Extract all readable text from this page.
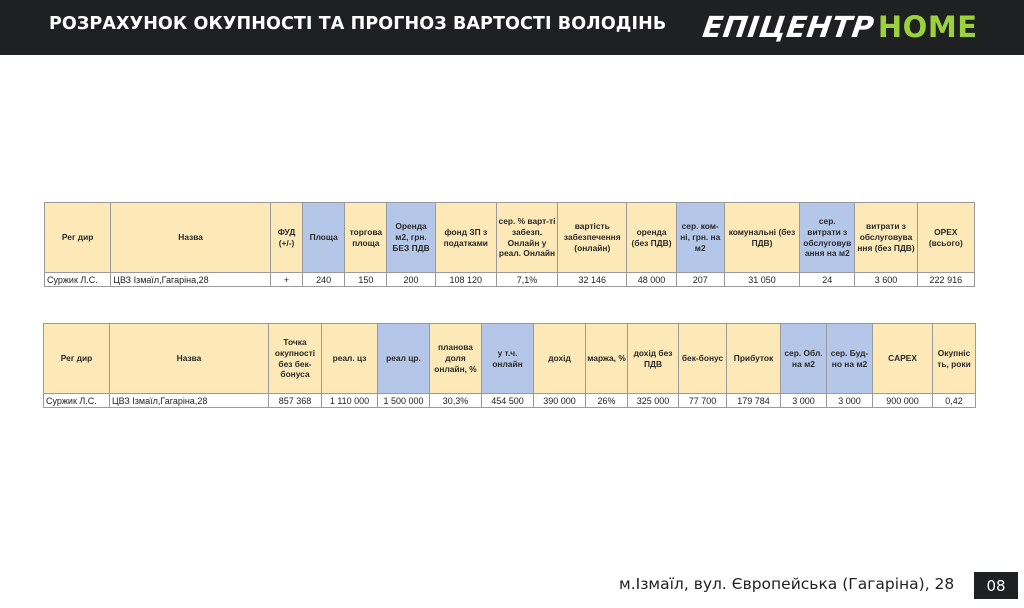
РОЗРАХУНОК ОКУПНОСТІ ТА ПРОГНОЗ ВАРТОСТІ ВОЛОДІНЬ ЕПІЦЕНТР HOME
Рег дир	Назва	ФУД (+/-)	Площа	торгова площа	Оренда м2, грн. БЕЗ ПДВ	фонд ЗП з податками	сер. % варт-ті забезп. Онлайн у реал. Онлайн	вартість забезпечення (онлайн)	оренда (без ПДВ)	сер. ком-ні, грн. на м2	комунальні (без ПДВ)	сер. витрати з обслуговув ання на м2	витрати з обслуговува ння (без ПДВ)	OPEX (всього)
Суржик Л.С.	ЦВЗ Ізмаїл,Гагаріна,28	+	240	150	200	108 120	7,1%	32 146	48 000	207	31 050	24	3 600	222 916
Рег дир	Назва	Точка окупності без бек-бонуса	реал. цз	реал цр.	планова доля онлайн, %	у т.ч. онлайн	дохід	маржа, %	дохід без ПДВ	бек-бонус	Прибуток	сер. Обл. на м2	сер. Буд-но на м2	CAPEX	Окупніс ть, роки
Суржик Л.С.	ЦВЗ Ізмаїл,Гагаріна,28	857 368	1 110 000	1 500 000	30,3%	454 500	390 000	26%	325 000	77 700	179 784	3 000	3 000	900 000	0,42
м.Ізмаїл, вул. Європейська (Гагаріна), 28	08
